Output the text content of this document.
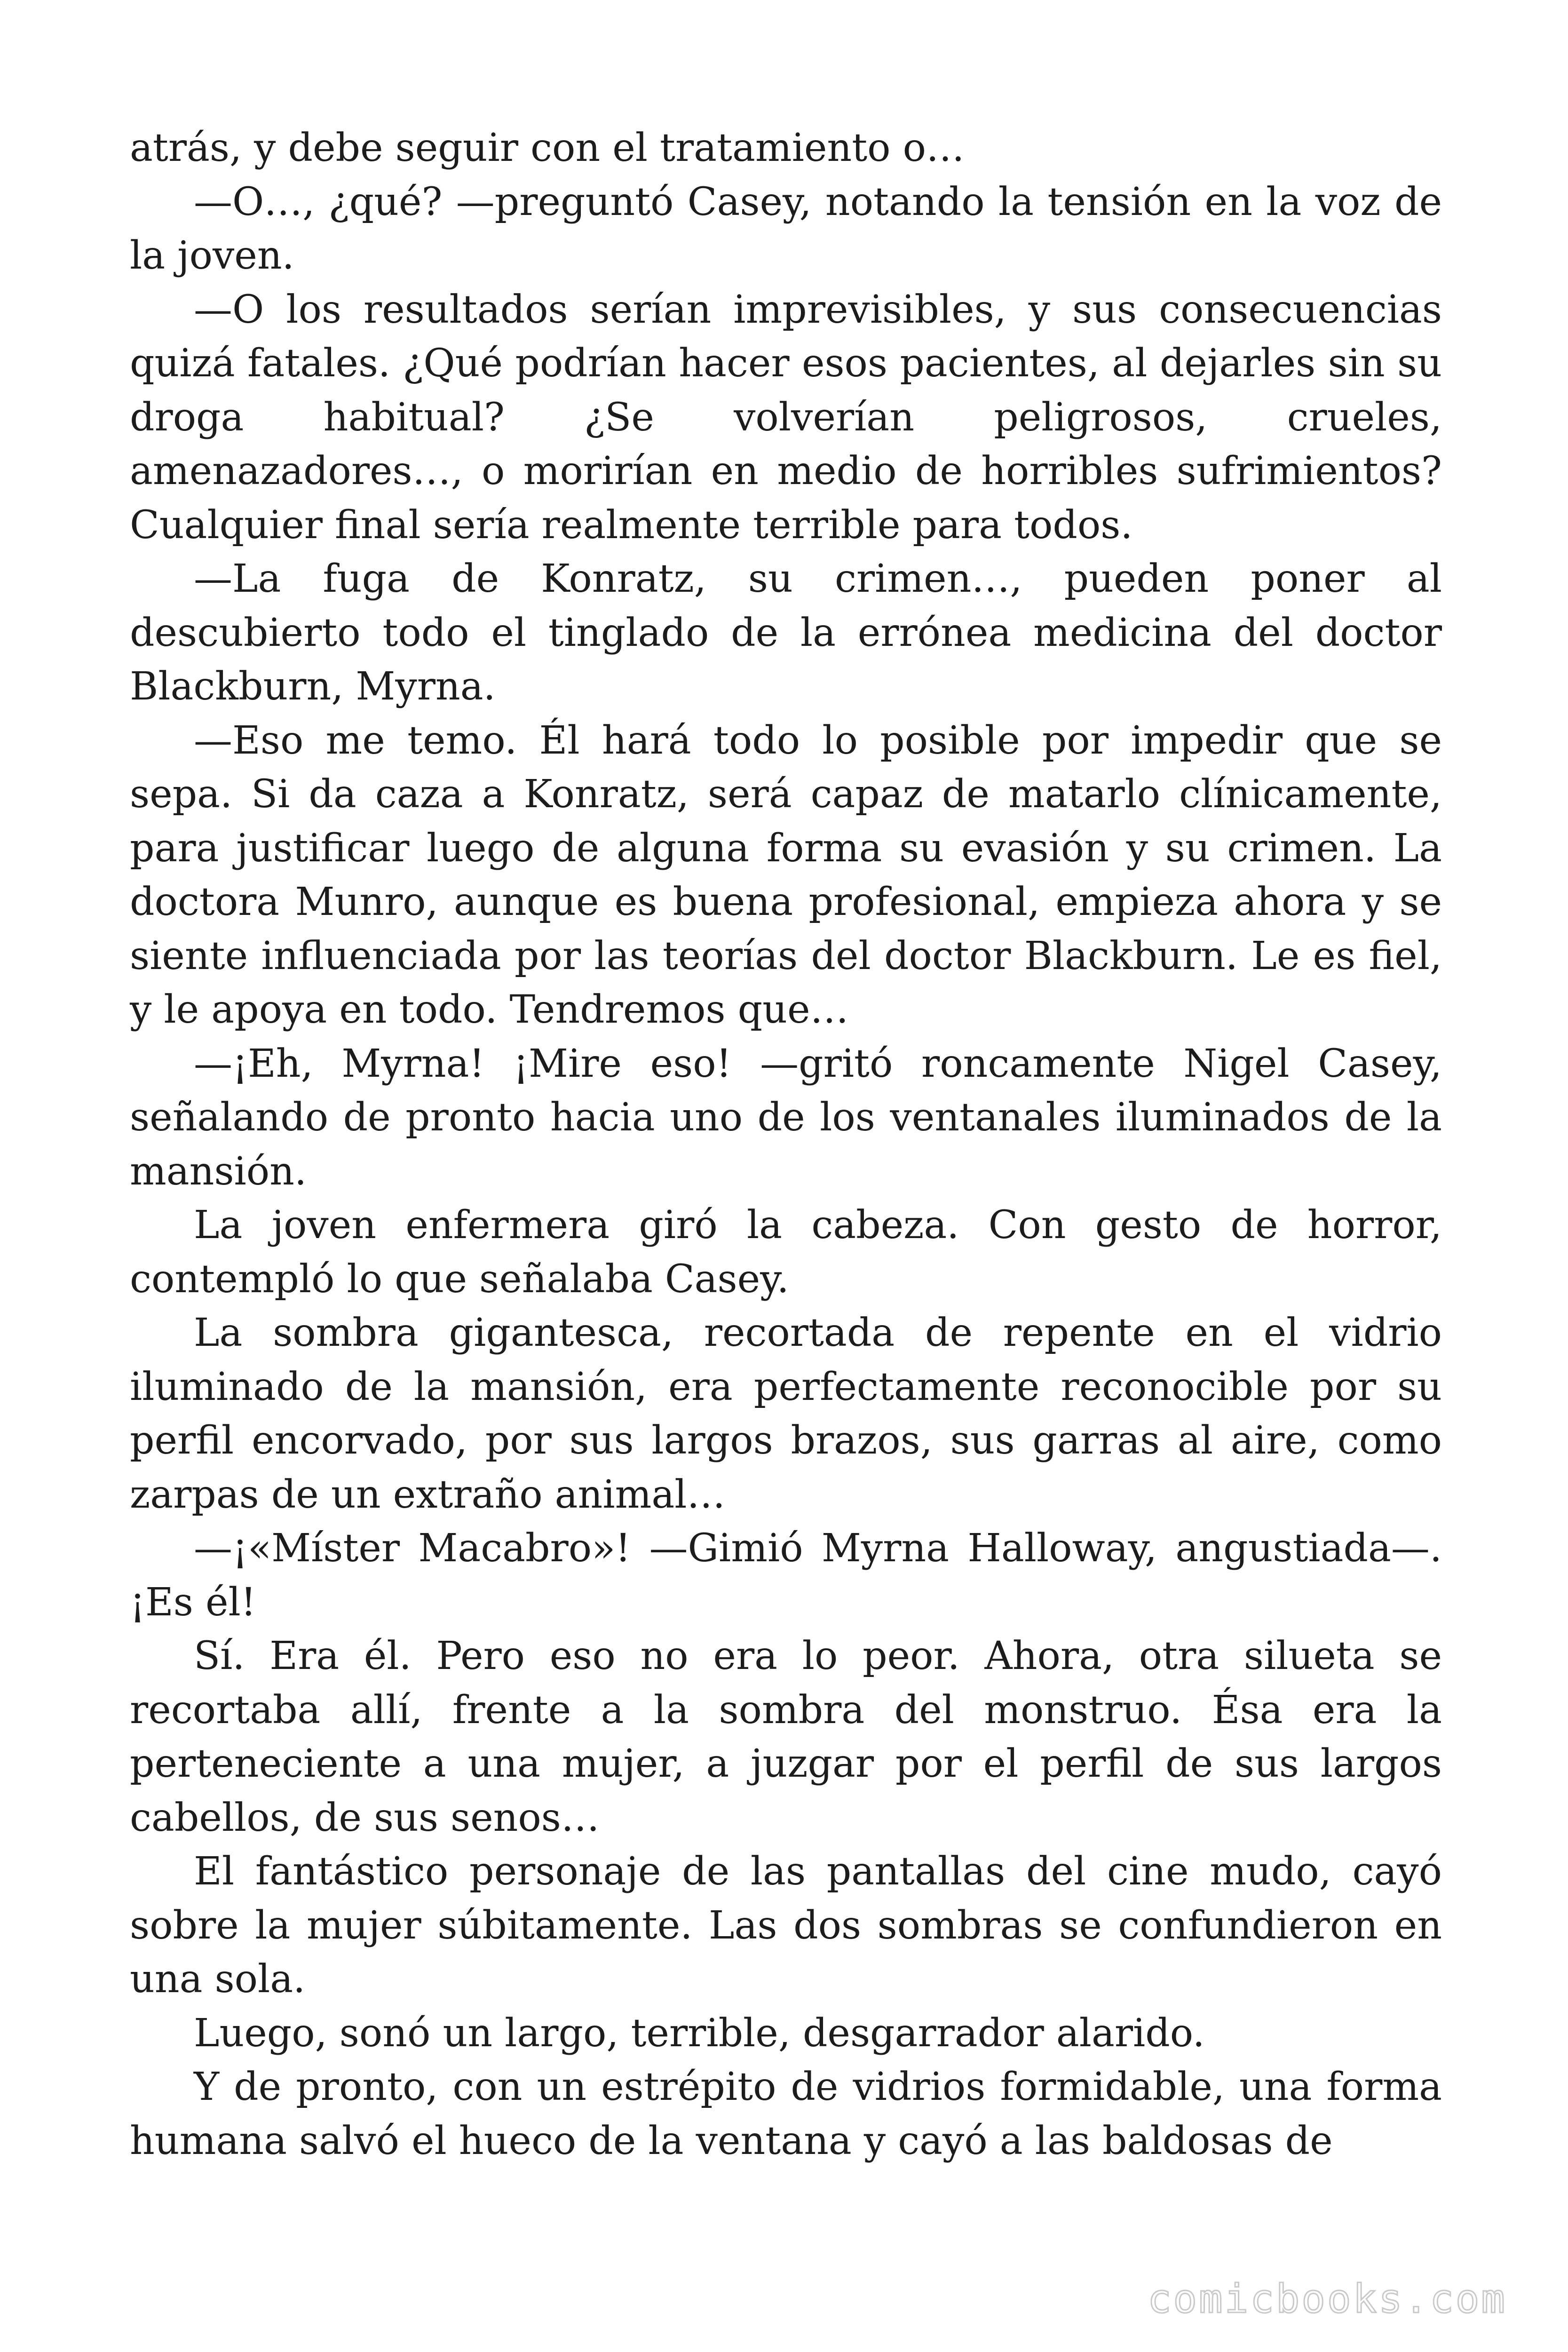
atrás, y debe seguir con el tratamiento o…

—O…, ¿qué? —preguntó Casey, notando la tensión en la voz de la joven.

—O los resultados serían imprevisibles, y sus consecuencias quizá fatales. ¿Qué podrían hacer esos pacientes, al dejarles sin su droga habitual? ¿Se volverían peligrosos, crueles, amenazadores…, o morirían en medio de horribles sufrimientos? Cualquier final sería realmente terrible para todos.

—La fuga de Konratz, su crimen…, pueden poner al descubierto todo el tinglado de la errónea medicina del doctor Blackburn, Myrna.

—Eso me temo. Él hará todo lo posible por impedir que se sepa. Si da caza a Konratz, será capaz de matarlo clínicamente, para justificar luego de alguna forma su evasión y su crimen. La doctora Munro, aunque es buena profesional, empieza ahora y se siente influenciada por las teorías del doctor Blackburn. Le es fiel, y le apoya en todo. Tendremos que…

—¡Eh, Myrna! ¡Mire eso! —gritó roncamente Nigel Casey, señalando de pronto hacia uno de los ventanales iluminados de la mansión.

La joven enfermera giró la cabeza. Con gesto de horror, contempló lo que señalaba Casey.

La sombra gigantesca, recortada de repente en el vidrio iluminado de la mansión, era perfectamente reconocible por su perfil encorvado, por sus largos brazos, sus garras al aire, como zarpas de un extraño animal…

—¡«Míster Macabro»! —Gimió Myrna Halloway, angustiada—. ¡Es él!

Sí. Era él. Pero eso no era lo peor. Ahora, otra silueta se recortaba allí, frente a la sombra del monstruo. Ésa era la perteneciente a una mujer, a juzgar por el perfil de sus largos cabellos, de sus senos…

El fantástico personaje de las pantallas del cine mudo, cayó sobre la mujer súbitamente. Las dos sombras se confundieron en una sola.

Luego, sonó un largo, terrible, desgarrador alarido.

Y de pronto, con un estrépito de vidrios formidable, una forma humana salvó el hueco de la ventana y cayó a las baldosas de

comicbooks.com
